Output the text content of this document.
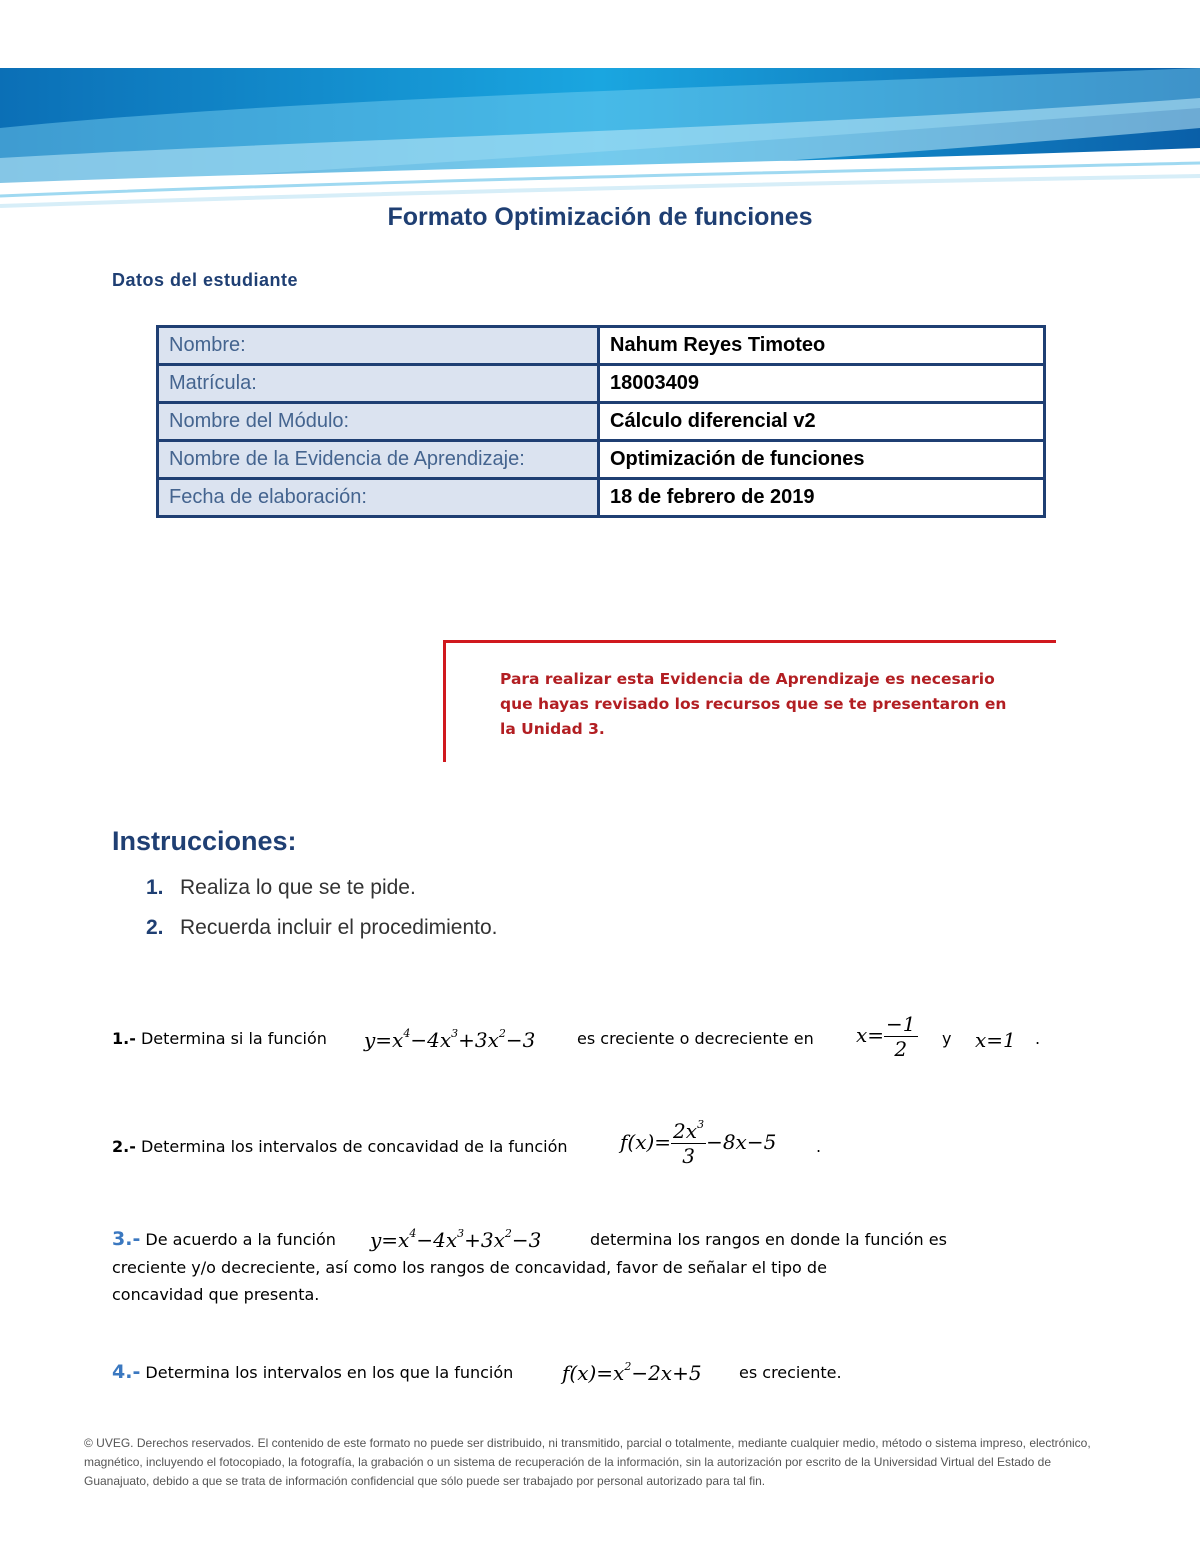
Formato Optimización de funciones
Datos del estudiante
Nombre:	Nahum Reyes Timoteo
Matrícula:	18003409
Nombre del Módulo:	Cálculo diferencial v2
Nombre de la Evidencia de Aprendizaje:	Optimización de funciones
Fecha de elaboración:	18 de febrero de 2019
Para realizar esta Evidencia de Aprendizaje es necesario que hayas revisado los recursos que se te presentaron en la Unidad 3.
Instrucciones:
1. Realiza lo que se te pide.
2. Recuerda incluir el procedimiento.
1.- Determina si la función $y=x^4-4x^3+3x^2-3$	es creciente o decreciente en $x= \frac{-1}{2}$ y x=1 .
2.- Determina los intervalos de concavidad de la función	$f(x)= \frac{2x^3}{3} -8x-5$ .
3.- De acuerdo a la función $y=x^4-4x^3+3x^2-3$	determina los rangos en donde la función es
creciente y/o decreciente, así como los rangos de concavidad, favor de señalar el tipo de
concavidad que presenta.
4.- Determina los intervalos en los que la función $f(x)=x^2-2x+5$ es creciente.
© UVEG. Derechos reservados. El contenido de este formato no puede ser distribuido, ni transmitido, parcial o totalmente, mediante cualquier medio, método o sistema impreso, electrónico, magnético, incluyendo el fotocopiado, la fotografía, la grabación o un sistema de recuperación de la información, sin la autorización por escrito de la Universidad Virtual del Estado de Guanajuato, debido a que se trata de información confidencial que sólo puede ser trabajado por personal autorizado para tal fin.
